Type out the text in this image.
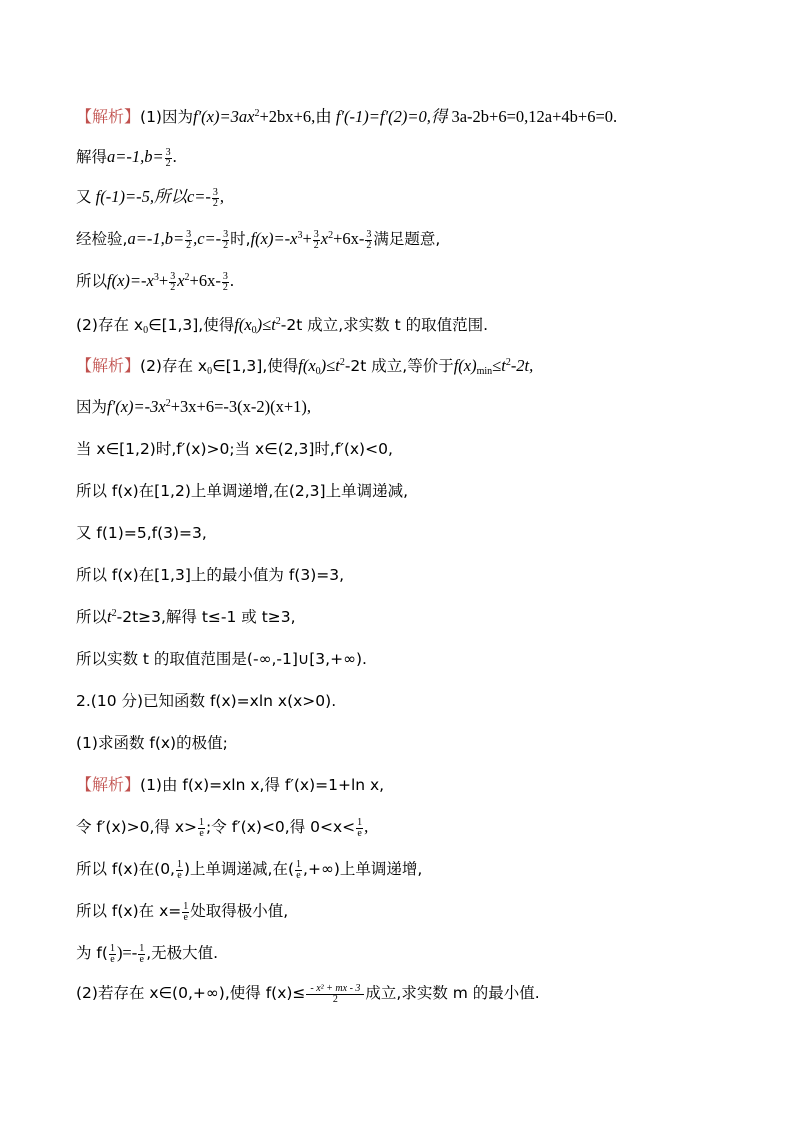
【解析】(1)因为$f'(x)=3ax^2+2bx+6$,由 f′(-1)=f′(2)=0,得 3a-2b+6=0,12a+4b+6=0.
解得$a=-1,b= \frac{3}{2}$ .
又 f(-1)=-5,所以$c=- \frac{3}{2}$ ,
经检验$,a=-1,b= \frac{3}{2} ,c=- \frac{3}{2}$ 时$,f(x)=-x^3+ \frac{3}{2} x^2+6x- \frac{3}{2}$ 满足题意,
所以$f(x)=-x^3+ \frac{3}{2} x^2+6x- \frac{3}{2}$ .
(2)存在 $x_0\in[1,3]$,使得$f(x_0)\le t^2-2t$ 成立,求实数 t 的取值范围.
【解析】(2)存在 $x_0\in[1,3]$,使得$f(x_0)\le t^2-2t$ 成立,等价于$f(x)_{min}\le t^2-2t$,
因为$f'(x)=-3x^2+3x+6=-3(x-2)(x+1)$,
当 x∈[1,2)时,f′(x)>0;当 x∈(2,3]时,f′(x)<0,
所以 f(x)在[1,2)上单调递增,在(2,3]上单调递减,
又 f(1)=5,f(3)=3,
所以 f(x)在[1,3]上的最小值为 f(3)=3,
所以$t^2-2t\ge 3$,解得 t≤-1 或 t≥3,
所以实数 t 的取值范围是(-∞,-1]∪[3,+∞).
2.(10 分)已知函数 f(x)=xln x(x>0).
(1)求函数 f(x)的极值;
【解析】(1)由 f(x)=xln x,得 f′(x)=1+ln x,
令 f′(x)>0,得 $x> \frac{1}{e}$ ;令 f′(x)<0,得 $0<x< \frac{1}{e}$ ,
所以 f(x)在(0, $\frac{1}{e}$ )上单调递减,在( $\frac{1}{e}$ ,+∞)上单调递增,
所以 f(x)在 $x= \frac{1}{e}$ 处取得极小值,
为 $f( \frac{1}{e}$ )=- $\frac{1}{e}$ ,无极大值.
(2)若存在 x∈(0,+∞),使得 $f(x)\le \frac{\text{- x² + mx - 3}}{2}$ 成立,求实数 m 的最小值.
